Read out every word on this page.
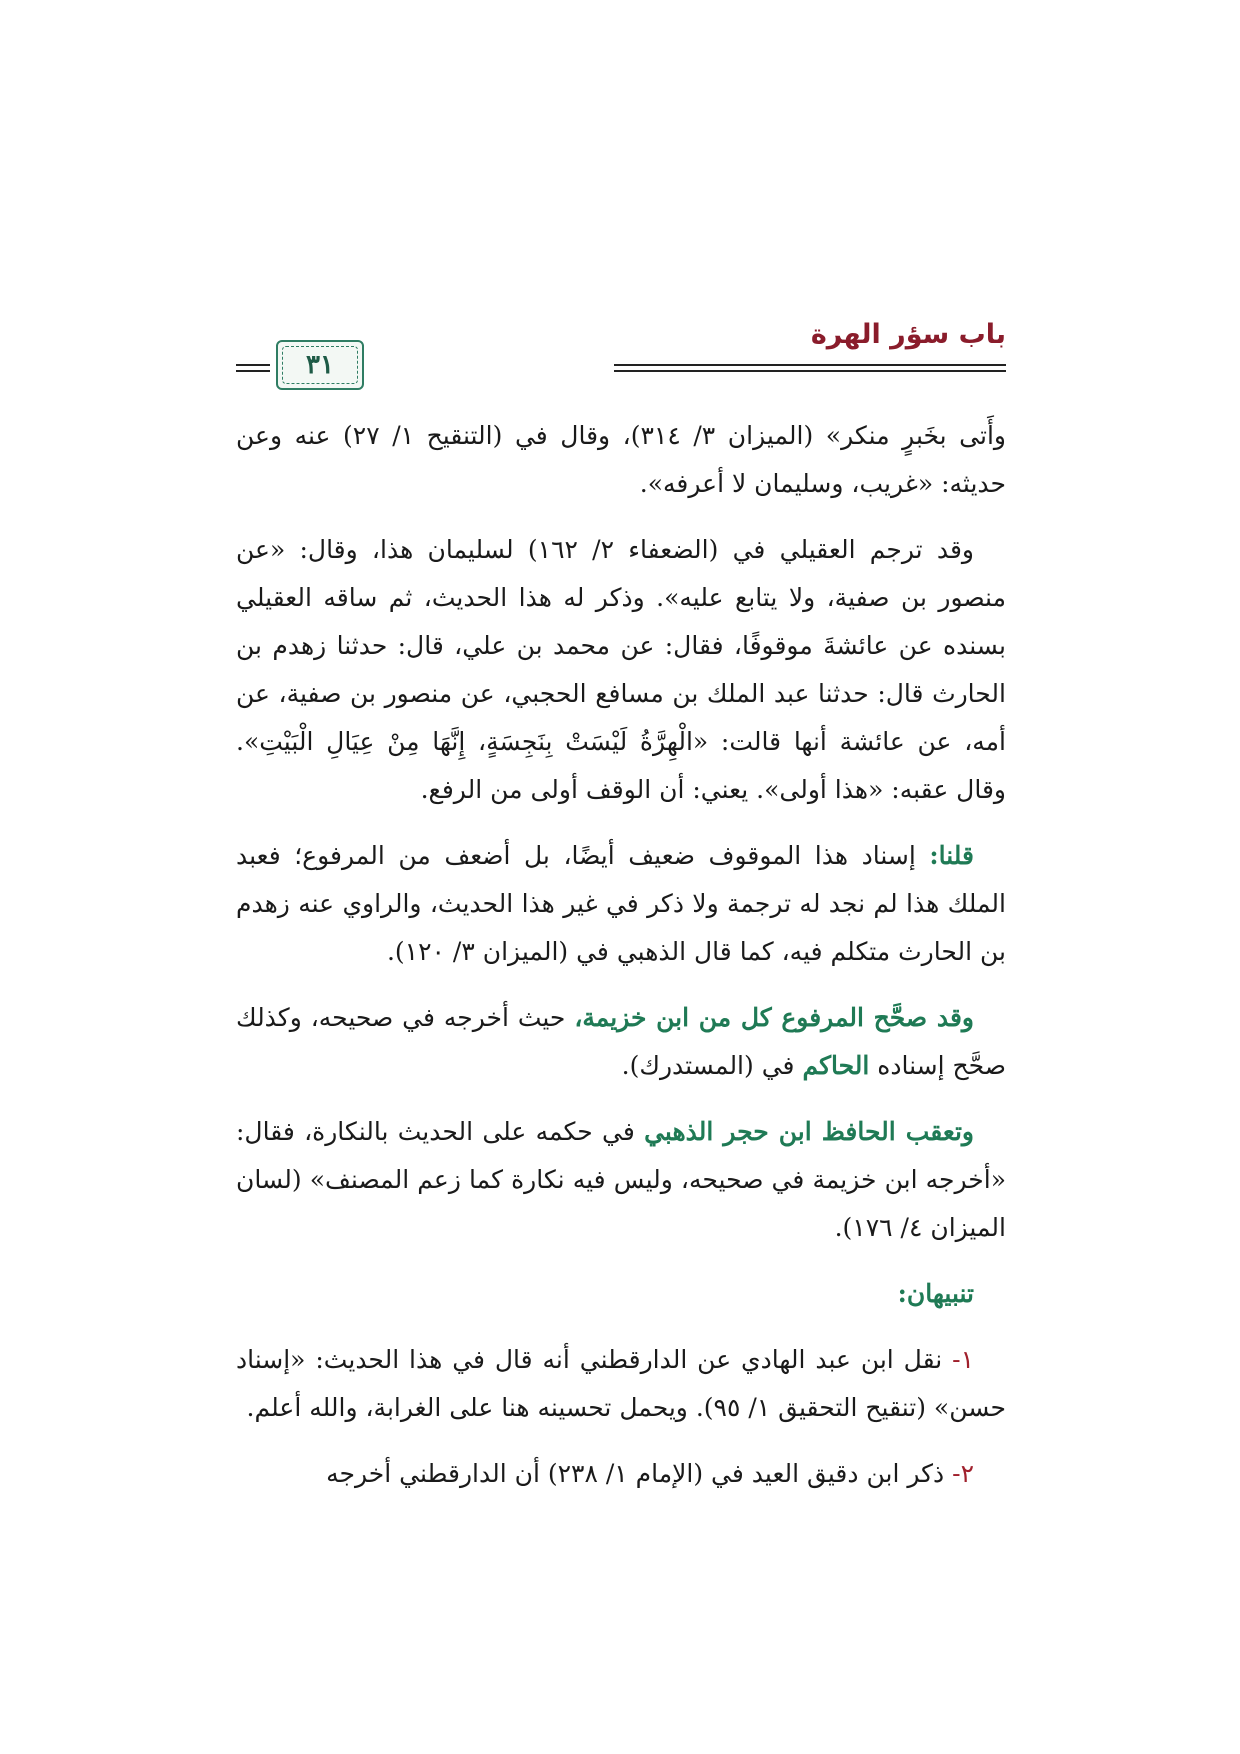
باب سؤر الهرة
٣١

وأَتى بخَبرٍ منكر» (الميزان ٣/ ٣١٤)، وقال في (التنقيح ١/ ٢٧) عنه وعن حديثه: «غريب، وسليمان لا أعرفه».

وقد ترجم العقيلي في (الضعفاء ٢/ ١٦٢) لسليمان هذا، وقال: «عن منصور بن صفية، ولا يتابع عليه». وذكر له هذا الحديث، ثم ساقه العقيلي بسنده عن عائشةَ موقوفًا، فقال: عن محمد بن علي، قال: حدثنا زهدم بن الحارث قال: حدثنا عبد الملك بن مسافع الحجبي، عن منصور بن صفية، عن أمه، عن عائشة أنها قالت: «الْهِرَّةُ لَيْسَتْ بِنَجِسَةٍ، إِنَّهَا مِنْ عِيَالِ الْبَيْتِ». وقال عقبه: «هذا أولى». يعني: أن الوقف أولى من الرفع.

قلنا: إسناد هذا الموقوف ضعيف أيضًا، بل أضعف من المرفوع؛ فعبد الملك هذا لم نجد له ترجمة ولا ذكر في غير هذا الحديث، والراوي عنه زهدم بن الحارث متكلم فيه، كما قال الذهبي في (الميزان ٣/ ١٢٠).

وقد صحَّح المرفوع كل من ابن خزيمة، حيث أخرجه في صحيحه، وكذلك صحَّح إسناده الحاكم في (المستدرك).

وتعقب الحافظ ابن حجر الذهبي في حكمه على الحديث بالنكارة، فقال: «أخرجه ابن خزيمة في صحيحه، وليس فيه نكارة كما زعم المصنف» (لسان الميزان ٤/ ١٧٦).

تنبيهان:

١- نقل ابن عبد الهادي عن الدارقطني أنه قال في هذا الحديث: «إسناد حسن» (تنقيح التحقيق ١/ ٩٥). ويحمل تحسينه هنا على الغرابة، والله أعلم.

٢- ذكر ابن دقيق العيد في (الإمام ١/ ٢٣٨) أن الدارقطني أخرجه
